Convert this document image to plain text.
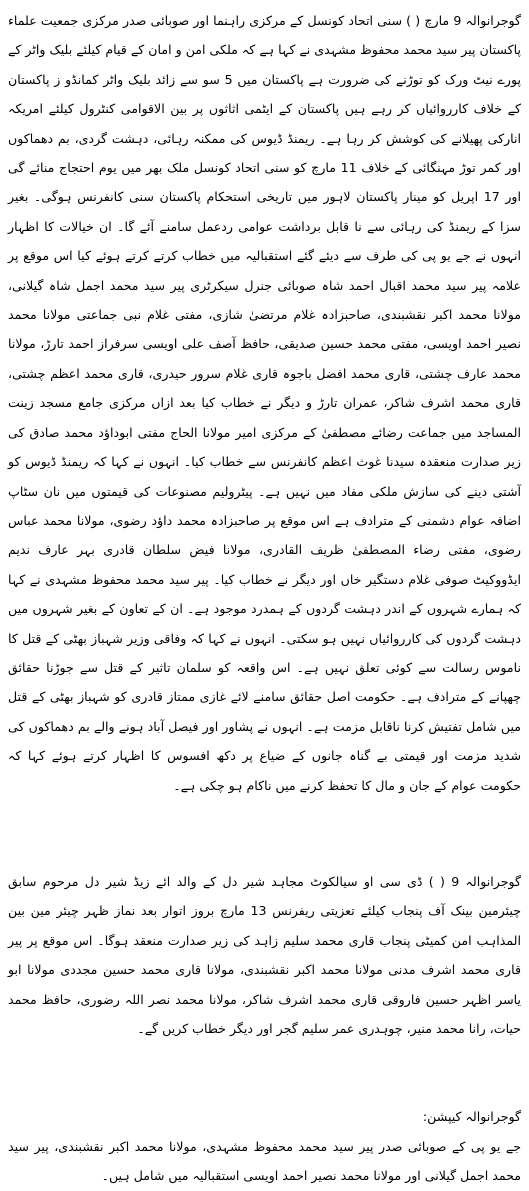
گوجرانوالہ 9 مارچ ( ) سنی اتحاد کونسل کے مرکزی راہنما اور صوبائی صدر مرکزی جمعیت علماء پاکستان پیر سید محمد محفوظ مشہدی نے کہا ہے کہ ملکی امن و امان کے قیام کیلئے بلیک واٹر کے پورے نیٹ ورک کو توڑنے کی ضرورت ہے پاکستان میں 5 سو سے زائد بلیک واٹر کمانڈو ز پاکستان کے خلاف کارروائیاں کر رہے ہیں پاکستان کے ایٹمی اثاثوں پر بین الاقوامی کنٹرول کیلئے امریکہ انارکی پھیلانے کی کوشش کر رہا ہے۔ ریمنڈ ڈیوس کی ممکنہ رہائی، دہشت گردی، بم دھماکوں اور کمر توڑ مہنگائی کے خلاف 11 مارچ کو سنی اتحاد کونسل ملک بھر میں یوم احتجاج منائے گی اور 17 اپریل کو مینار پاکستان لاہور میں تاریخی استحکام پاکستان سنی کانفرنس ہوگی۔ بغیر سزا کے ریمنڈ کی رہائی سے نا قابل برداشت عوامی ردعمل سامنے آئے گا۔ ان خیالات کا اظہار انہوں نے جے یو پی کی طرف سے دیئے گئے استقبالیہ میں خطاب کرتے کرتے ہوئے کیا اس موقع پر علامہ پیر سید محمد اقبال احمد شاہ صوبائی جنرل سیکرٹری پیر سید محمد اجمل شاہ گیلانی، مولانا محمد اکبر نقشبندی، صاحبزادہ غلام مرتضیٰ شازی، مفتی غلام نبی جماعتی مولانا محمد نصیر احمد اویسی، مفتی محمد حسین صدیقی، حافظ آصف علی اویسی سرفراز احمد تارڑ، مولانا محمد عارف چشتی، قاری محمد افضل باجوہ قاری غلام سرور حیدری، قاری محمد اعظم چشتی، قاری محمد اشرف شاکر، عمران تارڑ و دیگر نے خطاب کیا بعد ازاں مرکزی جامع مسجد زینت المساجد میں جماعت رضائے مصطفیٰ کے مرکزی امیر مولانا الحاج مفتی ابوداؤد محمد صادق کی زیر صدارت منعقدہ سیدنا غوث اعظم کانفرنس سے خطاب کیا۔ انہوں نے کہا کہ ریمنڈ ڈیوس کو آشتی دینے کی سازش ملکی مفاد میں نہیں ہے۔ پیٹرولیم مصنوعات کی قیمتوں میں نان سٹاپ اضافہ عوام دشمنی کے مترادف ہے اس موقع پر صاحبزادہ محمد داؤد رضوی، مولانا محمد عباس رضوی، مفتی رضاء المصطفیٰ ظریف القادری، مولانا فیض سلطان قادری بہر عارف ندیم ایڈووکیٹ صوفی غلام دستگیر خاں اور دیگر نے خطاب کیا۔ پیر سید محمد محفوظ مشہدی نے کہا کہ ہمارے شہروں کے اندر دہشت گردوں کے ہمدرد موجود ہے۔ ان کے تعاون کے بغیر شہروں میں دہشت گردوں کی کارروائیاں نہیں ہو سکتی۔ انہوں نے کہا کہ وفاقی وزیر شہباز بھٹی کے قتل کا ناموس رسالت سے کوئی تعلق نہیں ہے۔ اس واقعہ کو سلمان تاثیر کے قتل سے جوڑنا حقائق چھپانے کے مترادف ہے۔ حکومت اصل حقائق سامنے لائے غازی ممتاز قادری کو شہباز بھٹی کے قتل میں شامل تفتیش کرنا ناقابل مزمت ہے۔ انہوں نے پشاور اور فیصل آباد ہونے والے بم دھماکوں کی شدید مزمت اور قیمتی بے گناہ جانوں کے ضیاع پر دکھ افسوس کا اظہار کرتے ہوئے کہا کہ حکومت عوام کے جان و مال کا تحفظ کرنے میں ناکام ہو چکی ہے۔

گوجرانوالہ 9 ( ) ڈی سی او سیالکوٹ مجاہد شیر دل کے والد ائے زیڈ شیر دل مرحوم سابق چیئرمین بینک آف پنجاب کیلئے تعزیتی ریفرنس 13 مارچ بروز اتوار بعد نماز ظہر چیئر مین بین المذاہب امن کمیٹی پنجاب قاری محمد سلیم زاہد کی زیر صدارت منعقد ہوگا۔ اس موقع پر پیر قاری محمد اشرف مدنی مولانا محمد اکبر نقشبندی، مولانا قاری محمد حسین مجددی مولانا ابو یاسر اظہر حسین فاروقی قاری محمد اشرف شاکر، مولانا محمد نصر اللہ رضوری، حافظ محمد حیات، رانا محمد منیر، چوہدری عمر سلیم گجر اور دیگر خطاب کریں گے۔

گوجرانوالہ کیپشن:
جے یو پی کے صوبائی صدر پیر سید محمد محفوظ مشہدی، مولانا محمد اکبر نقشبندی، پیر سید محمد اجمل گیلانی اور مولانا محمد نصیر احمد اویسی استقبالیہ میں شامل ہیں۔
